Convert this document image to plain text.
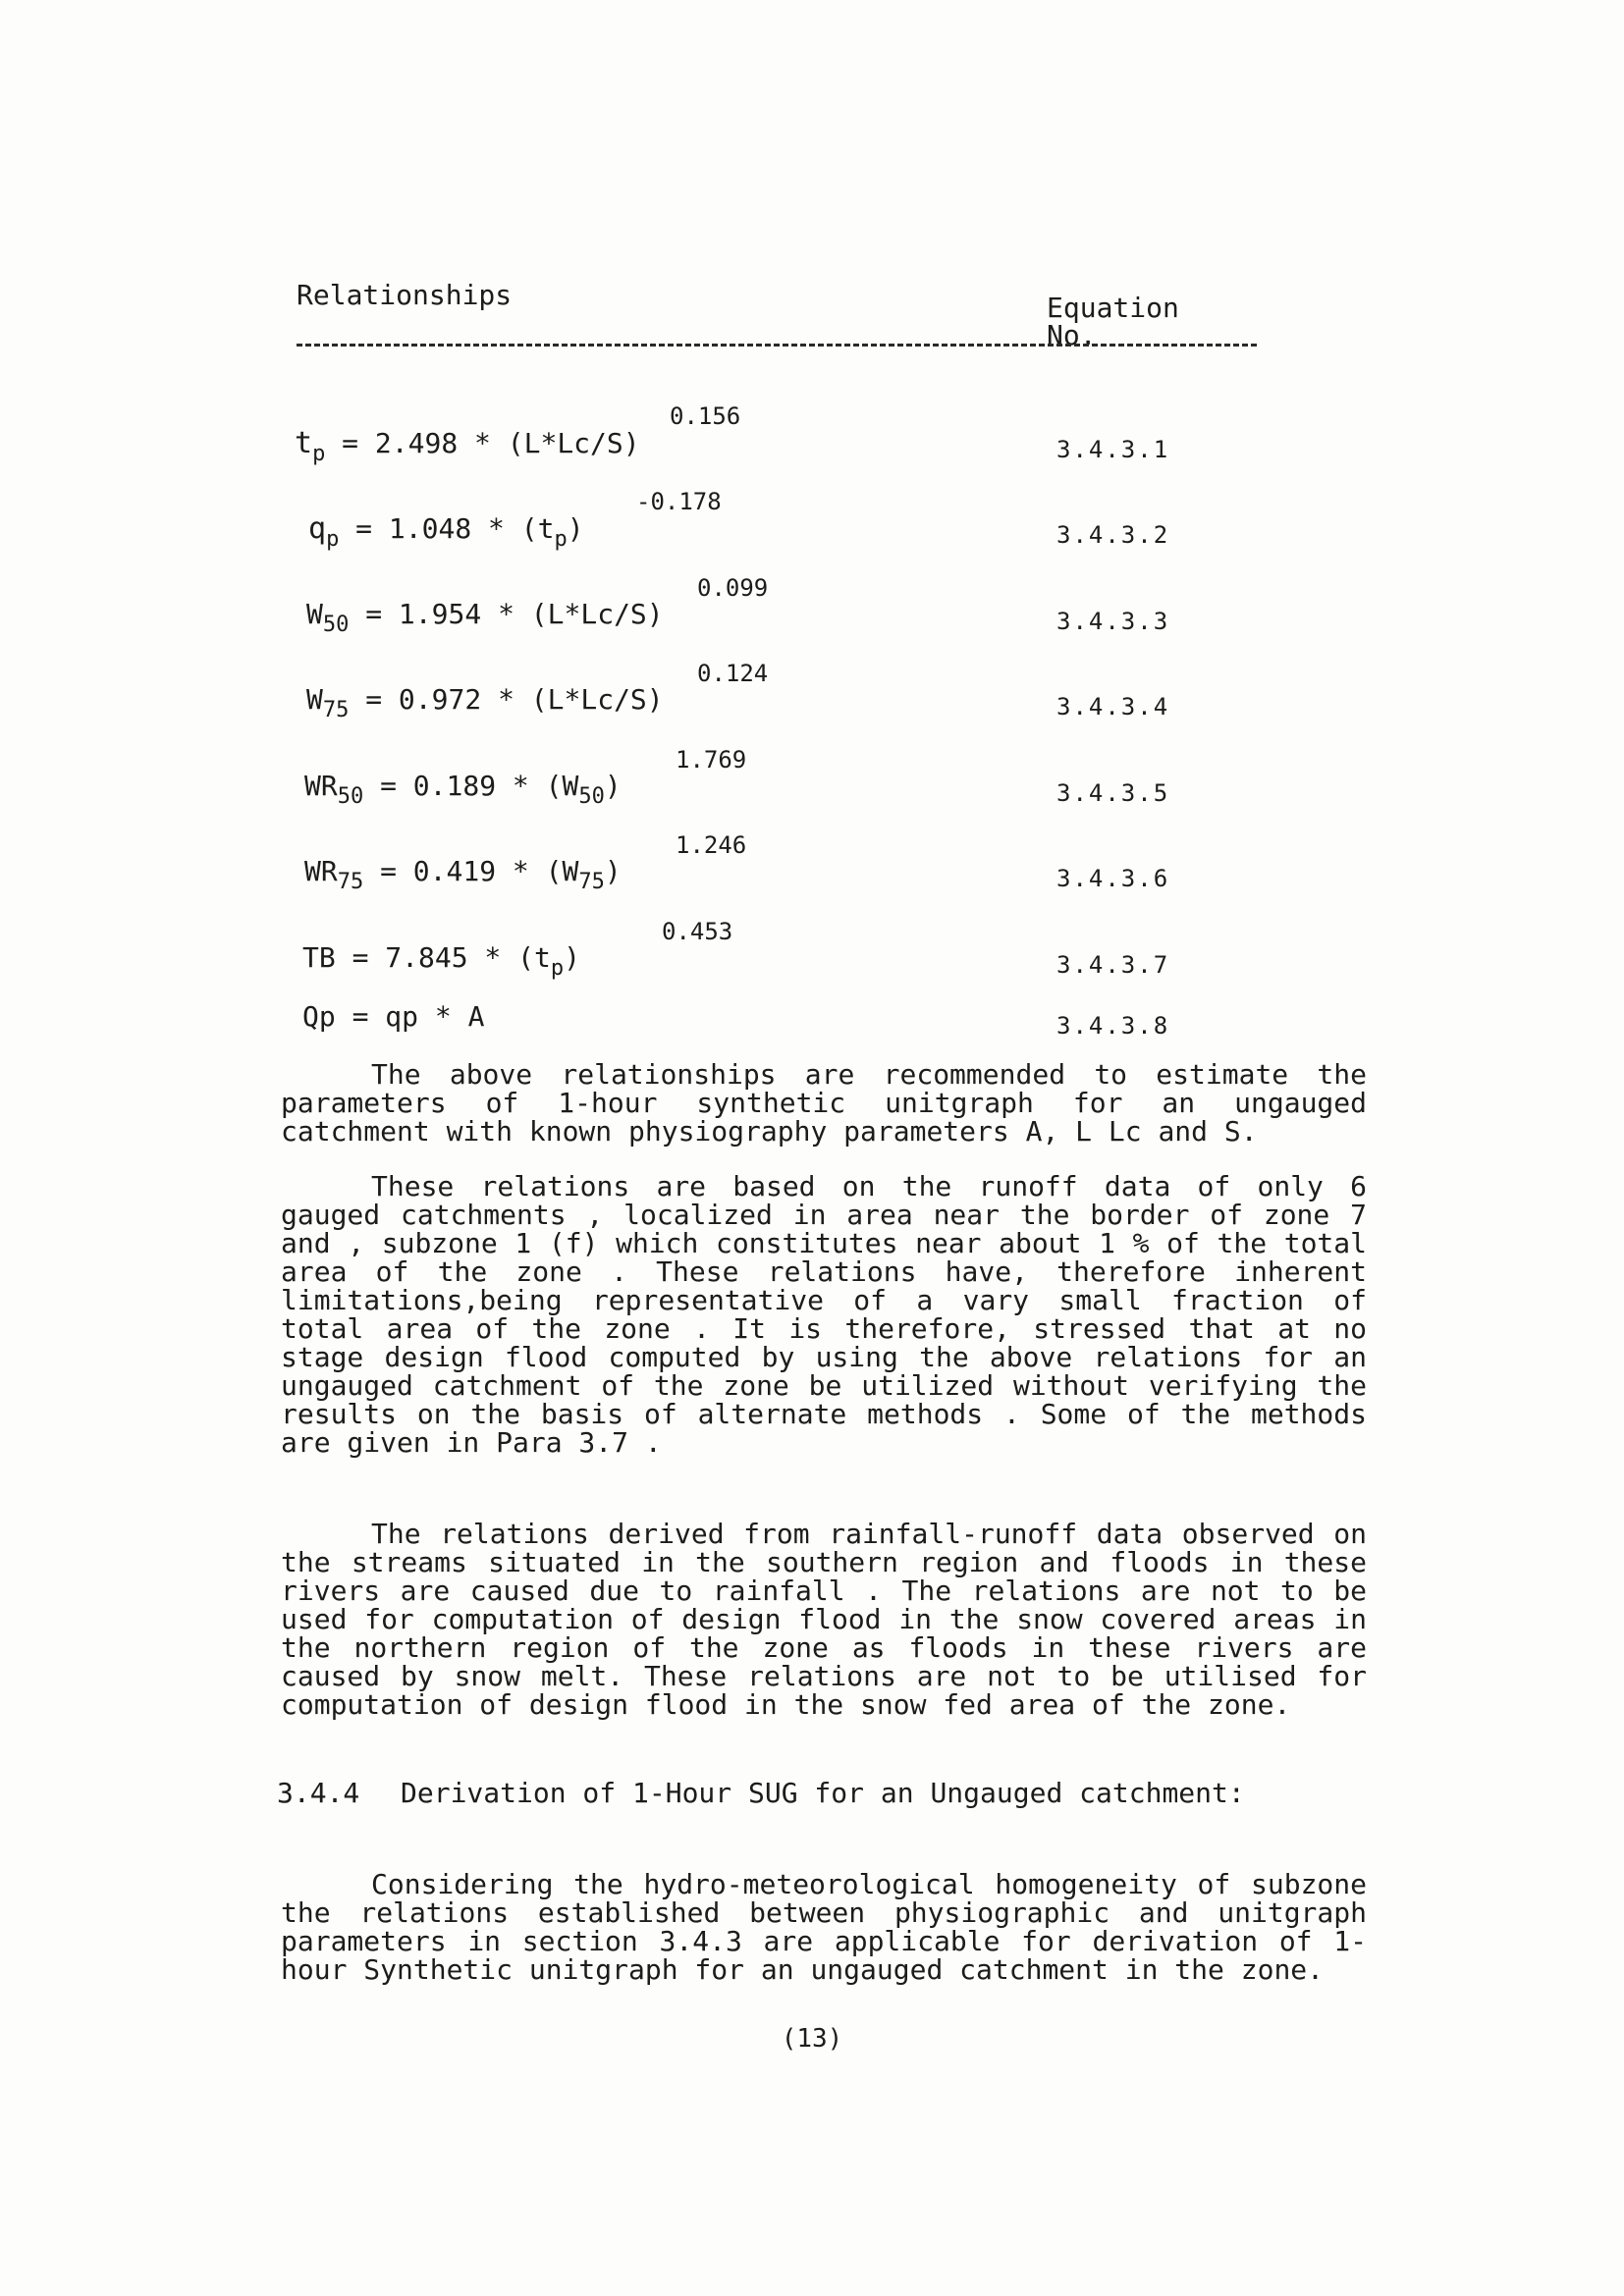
Relationships	Equation
No.
0.156
$t_p = 2.498 * (L*Lc/S)$	3.4.3.1
-0.178
$q_p = 1.048 * (t_p)$	3.4.3.2
0.099
$W_{50} = 1.954 * (L*Lc/S)$	3.4.3.3
0.124
$W_{75} = 0.972 * (L*Lc/S)$	3.4.3.4
1.769
$WR_{50} = 0.189 * (W_{50})$	3.4.3.5
1.246
$WR_{75} = 0.419 * (W_{75})$	3.4.3.6
0.453
TB = $7.845 * (t_p)$	3.4.3.7
Qp = qp * A	3.4.3.8
The above relationships are recommended to estimate the parameters of 1-hour synthetic unitgraph for an ungauged catchment with known physiography parameters A, L Lc and S.
These relations are based on the runoff data of only 6 gauged catchments , localized in area near the border of zone 7 and , subzone 1 (f) which constitutes near about 1 % of the total area of the zone . These relations have, therefore inherent limitations,being representative of a vary small fraction of total area of the zone . It is therefore, stressed that at no stage design flood computed by using the above relations for an ungauged catchment of the zone be utilized without verifying the results on the basis of alternate methods . Some of the methods are given in Para 3.7 .
The relations derived from rainfall-runoff data observed on the streams situated in the southern region and floods in these rivers are caused due to rainfall . The relations are not to be used for computation of design flood in the snow covered areas in the northern region of the zone as floods in these rivers are caused by snow melt. These relations are not to be utilised for computation of design flood in the snow fed area of the zone.
3.4.4 Derivation of 1-Hour SUG for an Ungauged catchment:
Considering the hydro-meteorological homogeneity of subzone the relations established between physiographic and unitgraph parameters in section 3.4.3 are applicable for derivation of 1-hour Synthetic unitgraph for an ungauged catchment in the zone.
(13)
